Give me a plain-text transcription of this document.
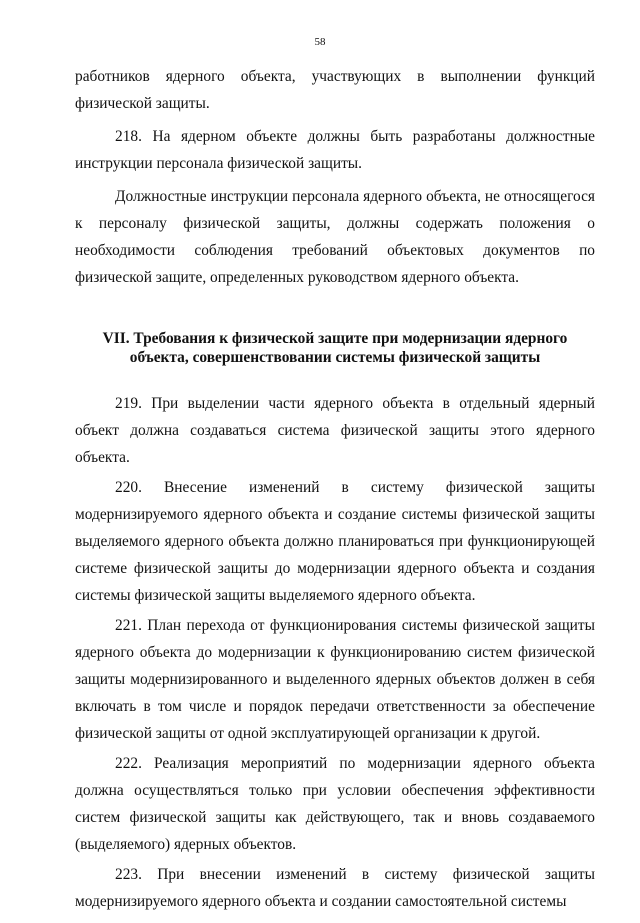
58

работников ядерного объекта, участвующих в выполнении функций физической защиты.

218. На ядерном объекте должны быть разработаны должностные инструкции персонала физической защиты.

Должностные инструкции персонала ядерного объекта, не относящегося к персоналу физической защиты, должны содержать положения о необходимости соблюдения требований объектовых документов по физической защите, определенных руководством ядерного объекта.

VII. Требования к физической защите при модернизации ядерного
объекта, совершенствовании системы физической защиты

219. При выделении части ядерного объекта в отдельный ядерный объект должна создаваться система физической защиты этого ядерного объекта.

220. Внесение изменений в систему физической защиты модернизируемого ядерного объекта и создание системы физической защиты выделяемого ядерного объекта должно планироваться при функционирующей системе физической защиты до модернизации ядерного объекта и создания системы физической защиты выделяемого ядерного объекта.

221. План перехода от функционирования системы физической защиты ядерного объекта до модернизации к функционированию систем физической защиты модернизированного и выделенного ядерных объектов должен в себя включать в том числе и порядок передачи ответственности за обеспечение физической защиты от одной эксплуатирующей организации к другой.

222. Реализация мероприятий по модернизации ядерного объекта должна осуществляться только при условии обеспечения эффективности систем физической защиты как действующего, так и вновь создаваемого (выделяемого) ядерных объектов.

223. При внесении изменений в систему физической защиты модернизируемого ядерного объекта и создании самостоятельной системы
